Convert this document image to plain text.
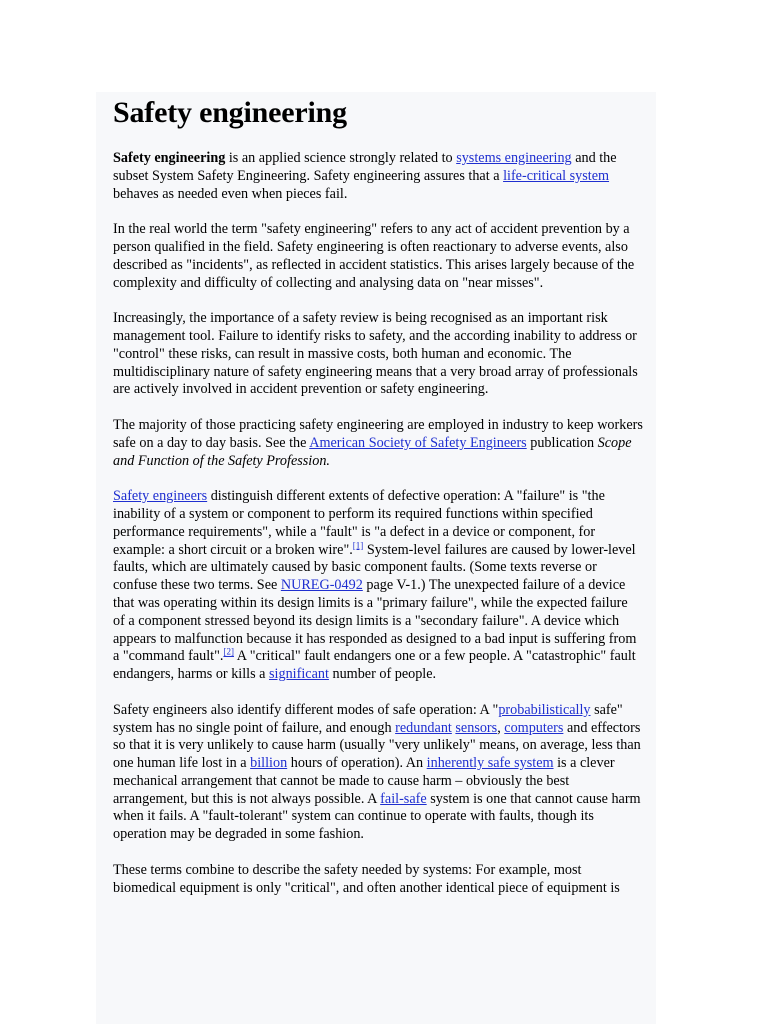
Safety engineering

Safety engineering is an applied science strongly related to systems engineering and the subset System Safety Engineering. Safety engineering assures that a life-critical system behaves as needed even when pieces fail.

In the real world the term "safety engineering" refers to any act of accident prevention by a person qualified in the field. Safety engineering is often reactionary to adverse events, also described as "incidents", as reflected in accident statistics. This arises largely because of the complexity and difficulty of collecting and analysing data on "near misses".

Increasingly, the importance of a safety review is being recognised as an important risk management tool. Failure to identify risks to safety, and the according inability to address or "control" these risks, can result in massive costs, both human and economic. The multidisciplinary nature of safety engineering means that a very broad array of professionals are actively involved in accident prevention or safety engineering.

The majority of those practicing safety engineering are employed in industry to keep workers safe on a day to day basis. See the American Society of Safety Engineers publication Scope and Function of the Safety Profession.

Safety engineers distinguish different extents of defective operation: A "failure" is "the inability of a system or component to perform its required functions within specified performance requirements", while a "fault" is "a defect in a device or component, for example: a short circuit or a broken wire".[1] System-level failures are caused by lower-level faults, which are ultimately caused by basic component faults. (Some texts reverse or confuse these two terms. See NUREG-0492 page V-1.) The unexpected failure of a device that was operating within its design limits is a "primary failure", while the expected failure of a component stressed beyond its design limits is a "secondary failure". A device which appears to malfunction because it has responded as designed to a bad input is suffering from a "command fault".[2] A "critical" fault endangers one or a few people. A "catastrophic" fault endangers, harms or kills a significant number of people.

Safety engineers also identify different modes of safe operation: A "probabilistically safe" system has no single point of failure, and enough redundant sensors, computers and effectors so that it is very unlikely to cause harm (usually "very unlikely" means, on average, less than one human life lost in a billion hours of operation). An inherently safe system is a clever mechanical arrangement that cannot be made to cause harm – obviously the best arrangement, but this is not always possible. A fail-safe system is one that cannot cause harm when it fails. A "fault-tolerant" system can continue to operate with faults, though its operation may be degraded in some fashion.

These terms combine to describe the safety needed by systems: For example, most biomedical equipment is only "critical", and often another identical piece of equipment is
